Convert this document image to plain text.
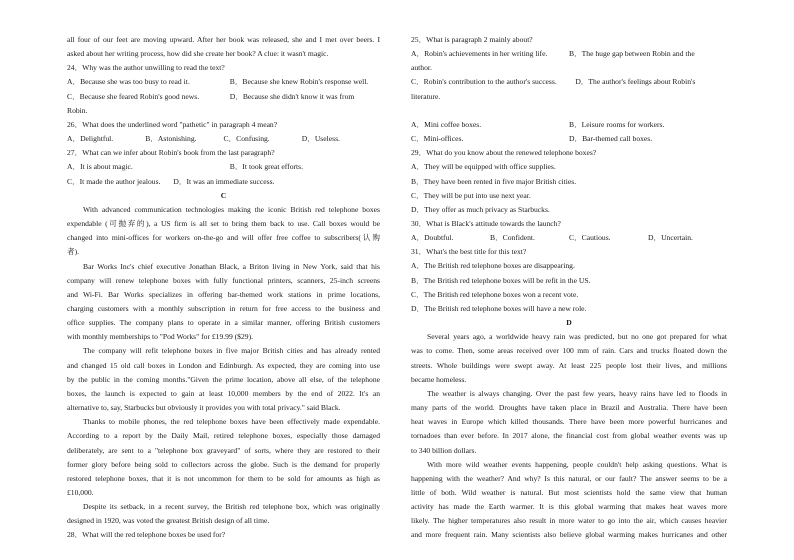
all four of our feet are moving upward. After her book was released, she and I met over beers. I
asked about her writing process, how did she create her book? A clue: it wasn't magic.
24．Why was the author unwilling to read the text?
A．Because she was too busy to read it.	B．Because she knew Robin's response well.
C．Because she feared Robin's good news.	D．Because she didn't know it was from
Robin.
26．What does the underlined word "pathetic" in paragraph 4 mean?
A．Delightful.	B．Astonishing.	C．Confusing.	D．Useless.
27．What can we infer about Robin's book from the last paragraph?
A．It is about magic.	B．It took great efforts.
C．It made the author jealous.	D．It was an immediate success.
C
With advanced communication technologies making the iconic British red telephone boxes
expendable (可抛弃的), a US firm is all set to bring them back to use. Call boxes would be
changed into mini-offices for workers on-the-go and will offer free coffee to subscribers(认购
者).
Bar Works Inc's chief executive Jonathan Black, a Briton living in New York, said that his
company will renew telephone boxes with fully functional printers, scanners, 25-inch screens
and Wi-Fi. Bar Works specializes in offering bar-themed work stations in prime locations,
charging customers with a monthly subscription in return for free access to the business and
office supplies. The company plans to operate in a similar manner, offering British customers
with monthly memberships to "Pod Works" for £19.99 ($29).
The company will refit telephone boxes in five major British cities and has already rented
and changed 15 old call boxes in London and Edinburgh. As expected, they are coming into use
by the public in the coming months."Given the prime location, above all else, of the telephone
boxes, the launch is expected to gain at least 10,000 members by the end of 2022. It's an
alternative to, say, Starbucks but obviously it provides you with total privacy." said Black.
Thanks to mobile phones, the red telephone boxes have been effectively made expendable.
According to a report by the Daily Mail, retired telephone boxes, especially those damaged
deliberately, are sent to a "telephone box graveyard" of sorts, where they are restored to their
former glory before being sold to collectors across the globe. Such is the demand for properly
restored telephone boxes, that it is not uncommon for them to be sold for amounts as high as
£10,000.
Despite its setback, in a recent survey, the British red telephone box, which was originally
designed in 1920, was voted the greatest British design of all time.
28．What will the red telephone boxes be used for?
25．What is paragraph 2 mainly about?
A．Robin's achievements in her writing life.	B．The huge gap between Robin and the
author.
C．Robin's contribution to the author's success.	D．The author's feelings about Robin's
literature.
A．Mini coffee boxes.	B．Leisure rooms for workers.
C．Mini-offices.	D．Bar-themed call boxes.
29．What do you know about the renewed telephone boxes?
A．They will be equipped with office supplies.
B．They have been rented in five major British cities.
C．They will be put into use next year.
D．They offer as much privacy as Starbucks.
30．What is Black's attitude towards the launch?
A．Doubtful.	B．Confident.	C．Cautious.	D．Uncertain.
31．What's the best title for this text?
A．The British red telephone boxes are disappearing.
B．The British red telephone boxes will be refit in the US.
C．The British red telephone boxes won a recent vote.
D．The British red telephone boxes will have a new role.
D
Several years ago, a worldwide heavy rain was predicted, but no one got prepared for what
was to come. Then, some areas received over 100 mm of rain. Cars and trucks floated down the
streets. Whole buildings were swept away. At least 225 people lost their lives, and millions
became homeless.
The weather is always changing. Over the past few years, heavy rains have led to floods in
many parts of the world. Droughts have taken place in Brazil and Australia. There have been
heat waves in Europe which killed thousands. There have been more powerful hurricanes and
tornadoes than ever before. In 2017 alone, the financial cost from global weather events was up
to 340 billion dollars.
With more wild weather events happening, people couldn't help asking questions. What is
happening with the weather? And why? Is this natural, or our fault? The answer seems to be a
little of both. Wild weather is natural. But most scientists hold the same view that human
activity has made the Earth warmer. It is this global warming that makes heat waves more
likely. The higher temperatures also result in more water to go into the air, which causes heavier
and more frequent rain. Many scientists also believe global warming makes hurricanes and other
